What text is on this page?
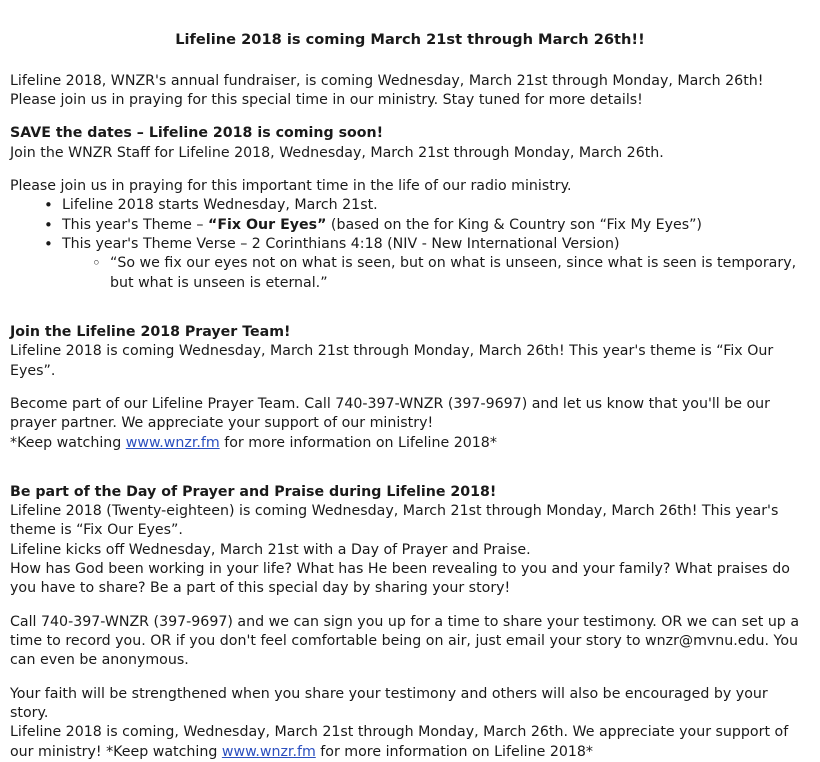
Lifeline 2018 is coming March 21st through March 26th!!

Lifeline 2018, WNZR's annual fundraiser, is coming Wednesday, March 21st through Monday, March 26th! Please join us in praying for this special time in our ministry. Stay tuned for more details!

SAVE the dates – Lifeline 2018 is coming soon!

Join the WNZR Staff for Lifeline 2018, Wednesday, March 21st through Monday, March 26th.

Please join us in praying for this important time in the life of our radio ministry.

• Lifeline 2018 starts Wednesday, March 21st.
• This year's Theme – “Fix Our Eyes” (based on the for King & Country son “Fix My Eyes”)
• This year's Theme Verse – 2 Corinthians 4:18 (NIV - New International Version)
◦ “So we fix our eyes not on what is seen, but on what is unseen, since what is seen is temporary, but what is unseen is eternal.”

Join the Lifeline 2018 Prayer Team!

Lifeline 2018 is coming Wednesday, March 21st through Monday, March 26th! This year's theme is “Fix Our Eyes”.

Become part of our Lifeline Prayer Team. Call 740-397-WNZR (397-9697) and let us know that you'll be our prayer partner. We appreciate your support of our ministry!

*Keep watching www.wnzr.fm for more information on Lifeline 2018*

Be part of the Day of Prayer and Praise during Lifeline 2018!

Lifeline 2018 (Twenty-eighteen) is coming Wednesday, March 21st through Monday, March 26th! This year's theme is “Fix Our Eyes”.

Lifeline kicks off Wednesday, March 21st with a Day of Prayer and Praise.

How has God been working in your life? What has He been revealing to you and your family? What praises do you have to share? Be a part of this special day by sharing your story!

Call 740-397-WNZR (397-9697) and we can sign you up for a time to share your testimony. OR we can set up a time to record you. OR if you don't feel comfortable being on air, just email your story to wnzr@mvnu.edu. You can even be anonymous.

Your faith will be strengthened when you share your testimony and others will also be encouraged by your story.

Lifeline 2018 is coming, Wednesday, March 21st through Monday, March 26th. We appreciate your support of our ministry! *Keep watching www.wnzr.fm for more information on Lifeline 2018*
